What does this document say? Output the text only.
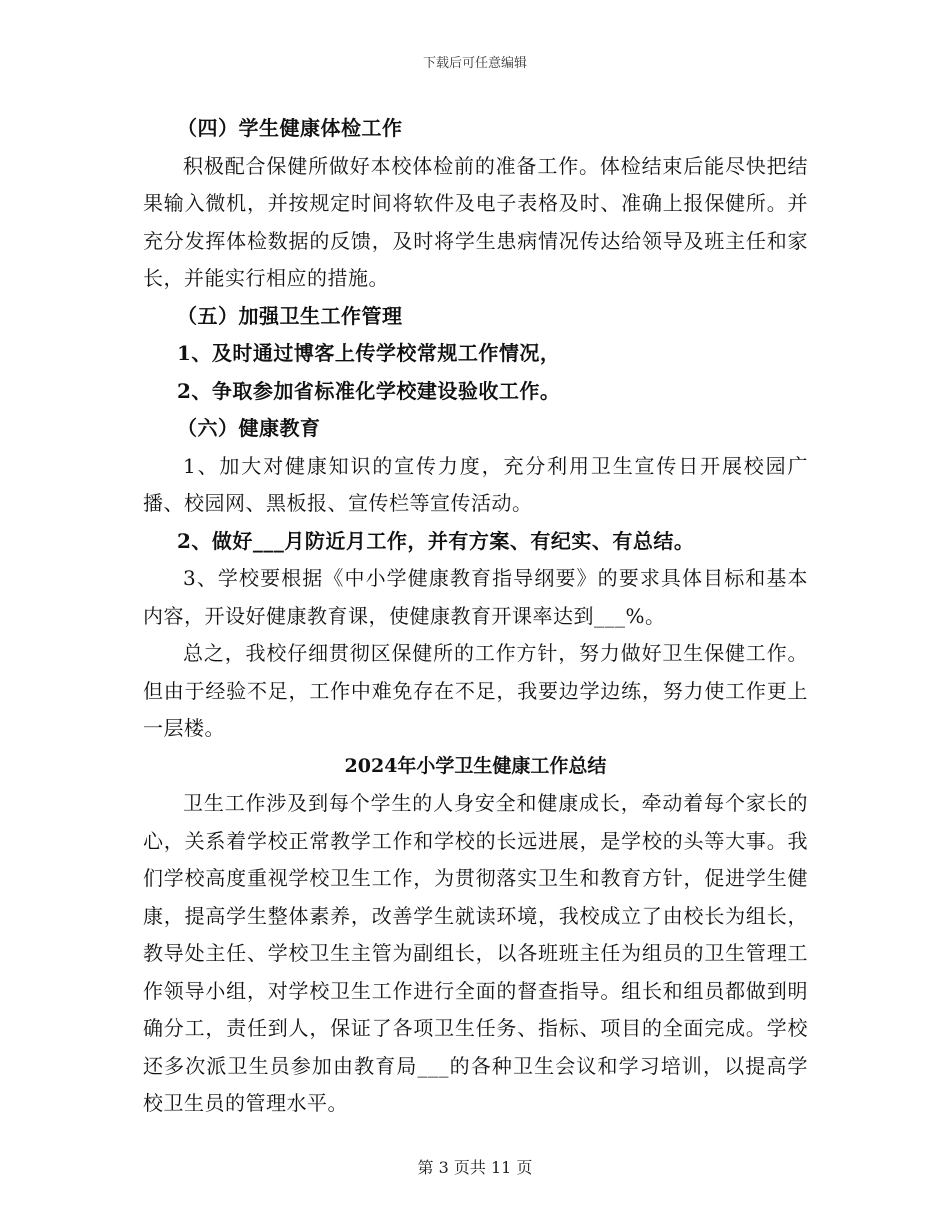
下载后可任意编辑

（四）学生健康体检工作

积极配合保健所做好本校体检前的准备工作。体检结束后能尽快把结果输入微机，并按规定时间将软件及电子表格及时、准确上报保健所。并充分发挥体检数据的反馈，及时将学生患病情况传达给领导及班主任和家长，并能实行相应的措施。

（五）加强卫生工作管理

1、及时通过博客上传学校常规工作情况，

2、争取参加省标准化学校建设验收工作。

（六）健康教育

1、加大对健康知识的宣传力度，充分利用卫生宣传日开展校园广播、校园网、黑板报、宣传栏等宣传活动。

2、做好___月防近月工作，并有方案、有纪实、有总结。

3、学校要根据《中小学健康教育指导纲要》的要求具体目标和基本内容，开设好健康教育课，使健康教育开课率达到___%。

总之，我校仔细贯彻区保健所的工作方针，努力做好卫生保健工作。但由于经验不足，工作中难免存在不足，我要边学边练，努力使工作更上一层楼。

2024年小学卫生健康工作总结

卫生工作涉及到每个学生的人身安全和健康成长，牵动着每个家长的心，关系着学校正常教学工作和学校的长远进展，是学校的头等大事。我们学校高度重视学校卫生工作，为贯彻落实卫生和教育方针，促进学生健康，提高学生整体素养，改善学生就读环境，我校成立了由校长为组长，教导处主任、学校卫生主管为副组长，以各班班主任为组员的卫生管理工作领导小组，对学校卫生工作进行全面的督查指导。组长和组员都做到明确分工，责任到人，保证了各项卫生任务、指标、项目的全面完成。学校还多次派卫生员参加由教育局___的各种卫生会议和学习培训，以提高学校卫生员的管理水平。

第 3 页共 11 页
